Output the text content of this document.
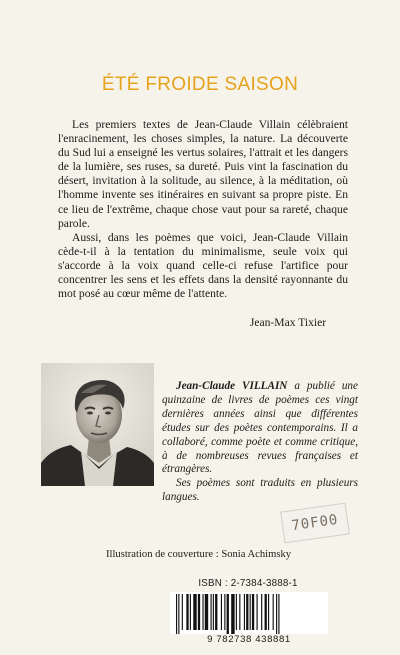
ÉTÉ FROIDE SAISON

Les premiers textes de Jean-Claude Villain célèbraient l'enracinement, les choses simples, la nature. La découverte du Sud lui a enseigné les vertus solaires, l'attrait et les dangers de la lumière, ses ruses, sa dureté. Puis vint la fascination du désert, invitation à la solitude, au silence, à la méditation, où l'homme invente ses itinéraires en suivant sa propre piste. En ce lieu de l'extrême, chaque chose vaut pour sa rareté, chaque parole.

Aussi, dans les poèmes que voici, Jean-Claude Villain cède-t-il à la tentation du minimalisme, seule voix qui s'accorde à la voix quand celle-ci refuse l'artifice pour concentrer les sens et les effets dans la densité rayonnante du mot posé au cœur même de l'attente.

Jean-Max Tixier

Jean-Claude VILLAIN a publié une quinzaine de livres de poèmes ces vingt dernières années ainsi que différentes études sur des poètes contemporains. Il a collaboré, comme poète et comme critique, à de nombreuses revues françaises et étrangères.

Ses poèmes sont traduits en plusieurs langues.

70F00
Illustration de couverture : Sonia Achimsky
ISBN : 2-7384-3888-1
9 782738 438881
